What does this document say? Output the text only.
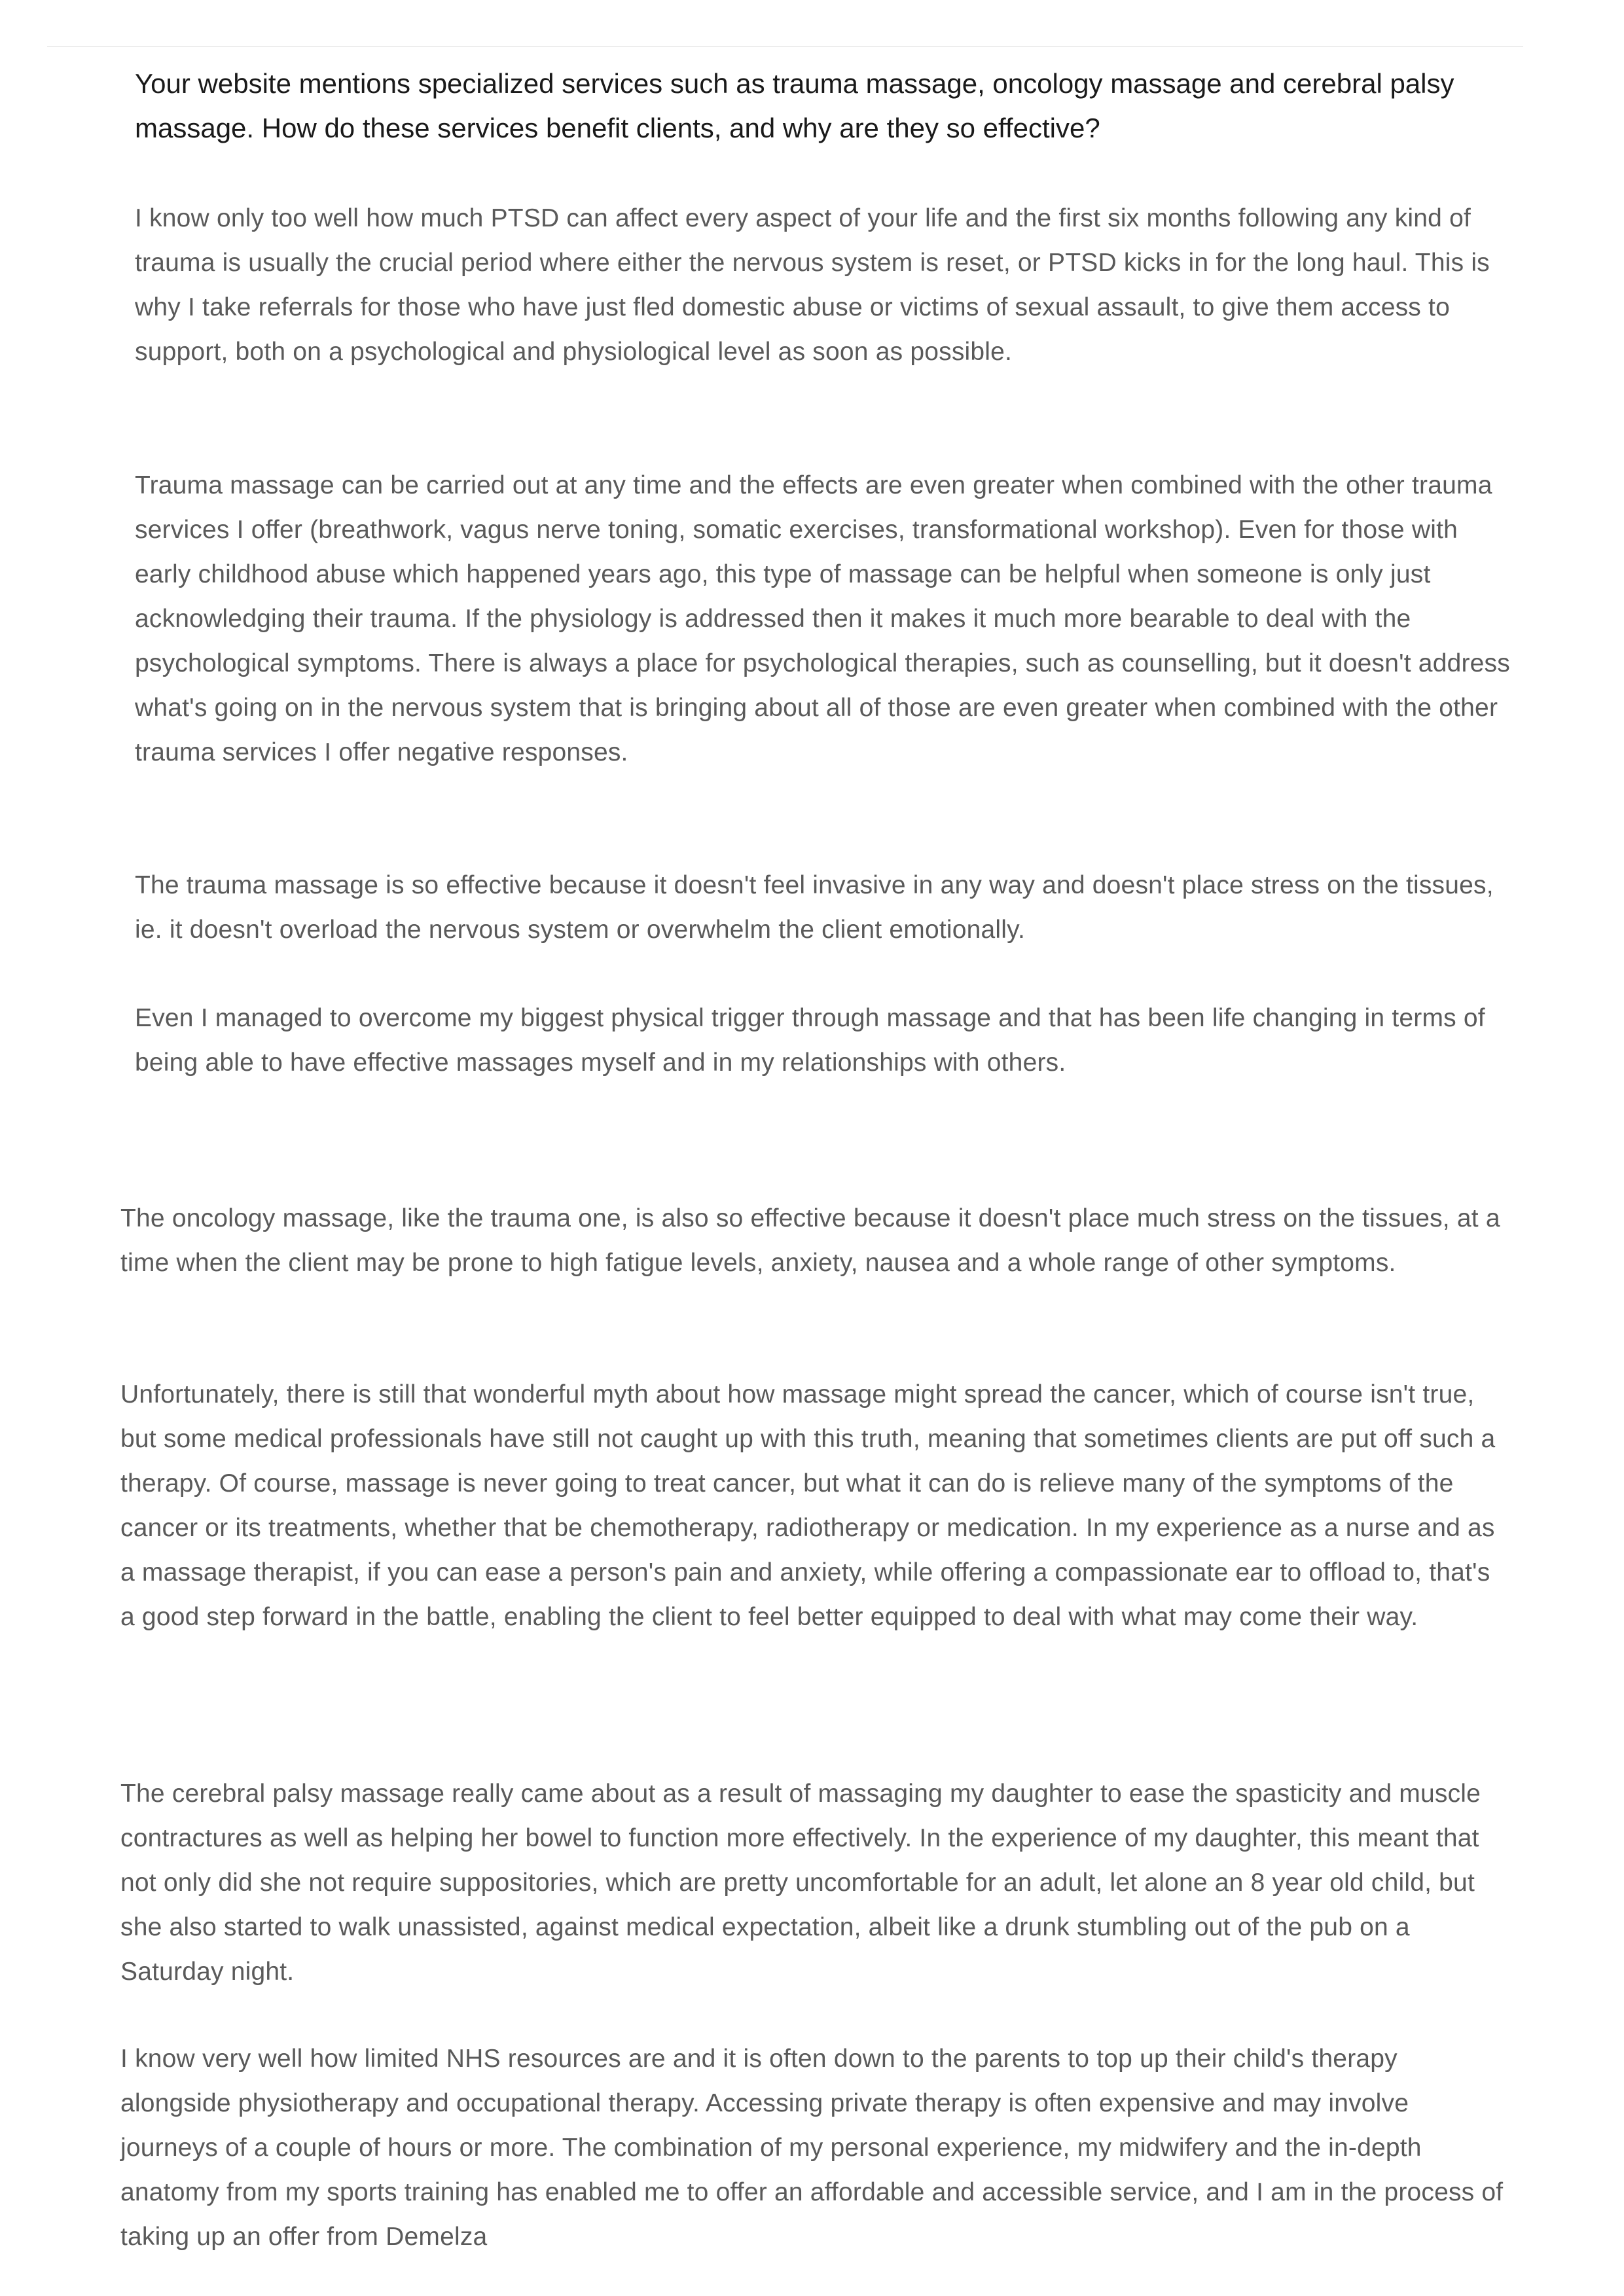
Your website mentions specialized services such as trauma massage, oncology massage and cerebral palsy massage. How do these services benefit clients, and why are they so effective?

I know only too well how much PTSD can affect every aspect of your life and the first six months following any kind of trauma is usually the crucial period where either the nervous system is reset, or PTSD kicks in for the long haul. This is why I take referrals for those who have just fled domestic abuse or victims of sexual assault, to give them access to support, both on a psychological and physiological level as soon as possible.

Trauma massage can be carried out at any time and the effects are even greater when combined with the other trauma services I offer (breathwork, vagus nerve toning, somatic exercises, transformational workshop). Even for those with early childhood abuse which happened years ago, this type of massage can be helpful when someone is only just acknowledging their trauma. If the physiology is addressed then it makes it much more bearable to deal with the psychological symptoms. There is always a place for psychological therapies, such as counselling, but it doesn't address what's going on in the nervous system that is bringing about all of those are even greater when combined with the other trauma services I offer negative responses.

The trauma massage is so effective because it doesn't feel invasive in any way and doesn't place stress on the tissues, ie. it doesn't overload the nervous system or overwhelm the client emotionally.

Even I managed to overcome my biggest physical trigger through massage and that has been life changing in terms of being able to have effective massages myself and in my relationships with others.

The oncology massage, like the trauma one, is also so effective because it doesn't place much stress on the tissues, at a time when the client may be prone to high fatigue levels, anxiety, nausea and a whole range of other symptoms.

Unfortunately, there is still that wonderful myth about how massage might spread the cancer, which of course isn't true, but some medical professionals have still not caught up with this truth, meaning that sometimes clients are put off such a therapy. Of course, massage is never going to treat cancer, but what it can do is relieve many of the symptoms of the cancer or its treatments, whether that be chemotherapy, radiotherapy or medication. In my experience as a nurse and as a massage therapist, if you can ease a person's pain and anxiety, while offering a compassionate ear to offload to, that's a good step forward in the battle, enabling the client to feel better equipped to deal with what may come their way.

The cerebral palsy massage really came about as a result of massaging my daughter to ease the spasticity and muscle contractures as well as helping her bowel to function more effectively. In the experience of my daughter, this meant that not only did she not require suppositories, which are pretty uncomfortable for an adult, let alone an 8 year old child, but she also started to walk unassisted, against medical expectation, albeit like a drunk stumbling out of the pub on a Saturday night.

I know very well how limited NHS resources are and it is often down to the parents to top up their child's therapy alongside physiotherapy and occupational therapy. Accessing private therapy is often expensive and may involve journeys of a couple of hours or more. The combination of my personal experience, my midwifery and the in-depth anatomy from my sports training has enabled me to offer an affordable and accessible service, and I am in the process of taking up an offer from Demelza
